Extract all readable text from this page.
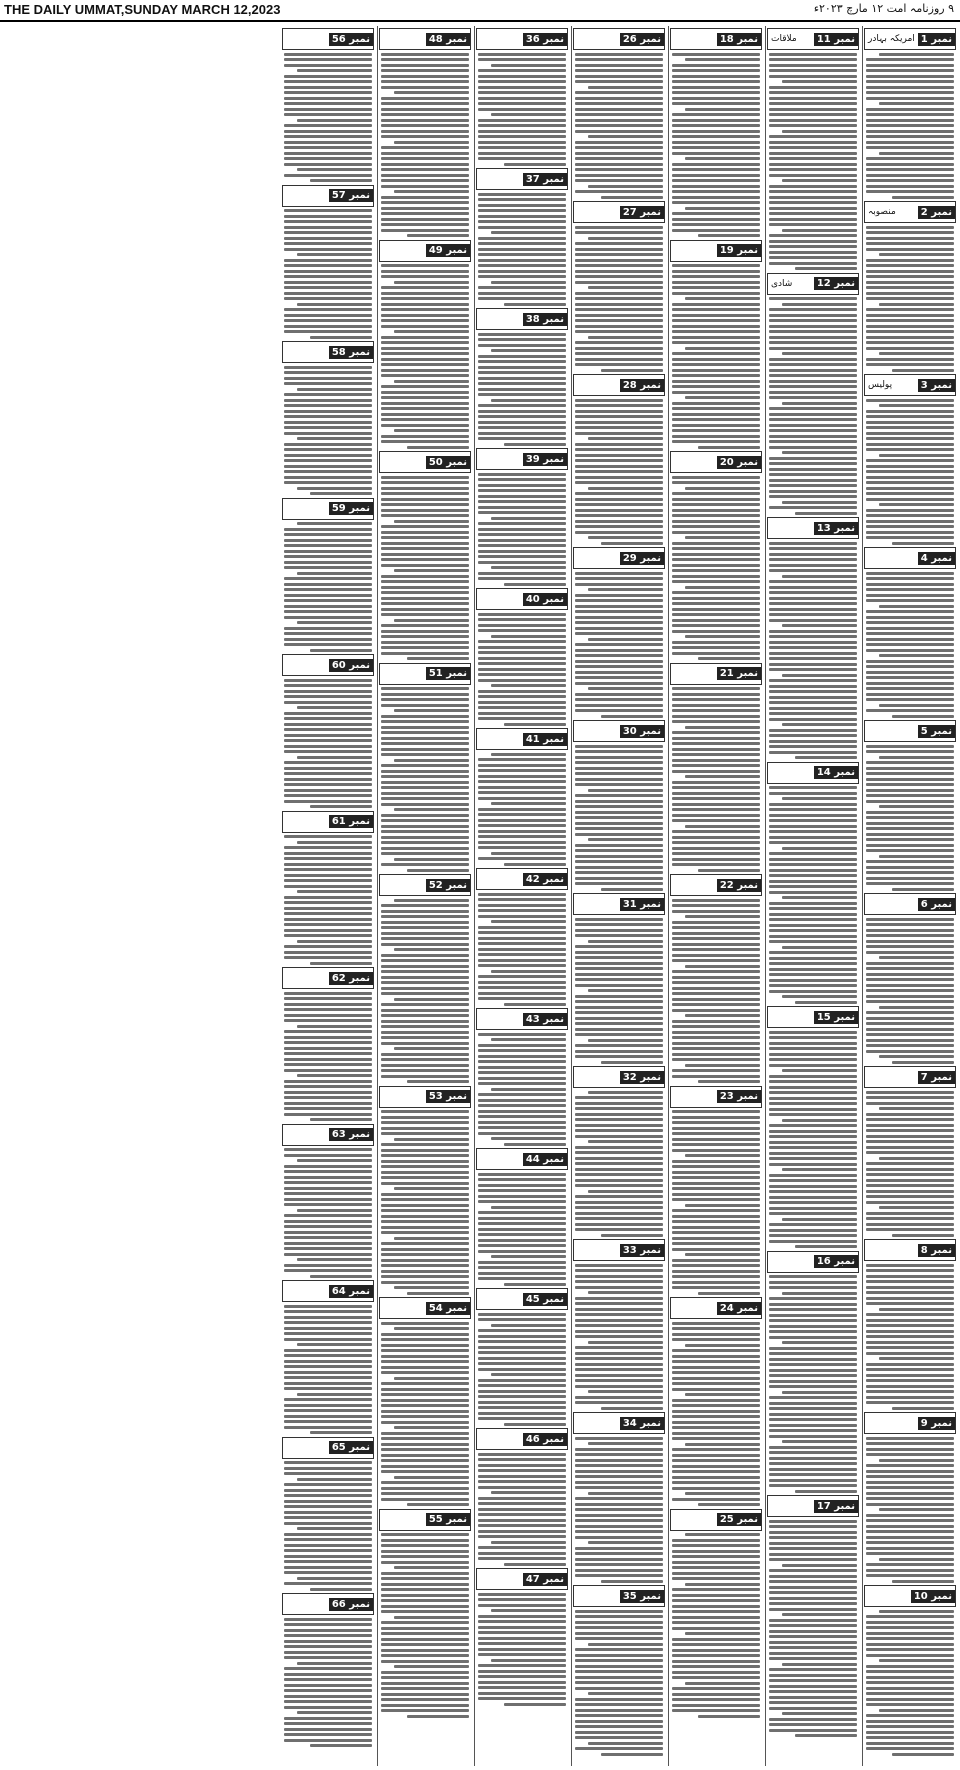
THE DAILY UMMAT,SUNDAY MARCH 12,2023	۹ روزنامہ امت ۱۲ مارچ ۲۰۲۳ء
نمبر 1
امریکہ بہادر
نمبر 2
منصوبہ
نمبر 3
پولیس
نمبر 4
نمبر 5
نمبر 6
نمبر 7
نمبر 8
نمبر 9
نمبر 10
نمبر 11
ملاقات
نمبر 12
شادی
نمبر 13
نمبر 14
نمبر 15
نمبر 16
نمبر 17
نمبر 18
نمبر 19
نمبر 20
نمبر 21
نمبر 22
نمبر 23
نمبر 24
نمبر 25
نمبر 26
نمبر 27
نمبر 28
نمبر 29
نمبر 30
نمبر 31
نمبر 32
نمبر 33
نمبر 34
نمبر 35
نمبر 36
نمبر 37
نمبر 38
نمبر 39
نمبر 40
نمبر 41
نمبر 42
نمبر 43
نمبر 44
نمبر 45
نمبر 46
نمبر 47
نمبر 48
نمبر 49
نمبر 50
نمبر 51
نمبر 52
نمبر 53
نمبر 54
نمبر 55
نمبر 56
نمبر 57
نمبر 58
نمبر 59
نمبر 60
نمبر 61
نمبر 62
نمبر 63
نمبر 64
نمبر 65
نمبر 66
